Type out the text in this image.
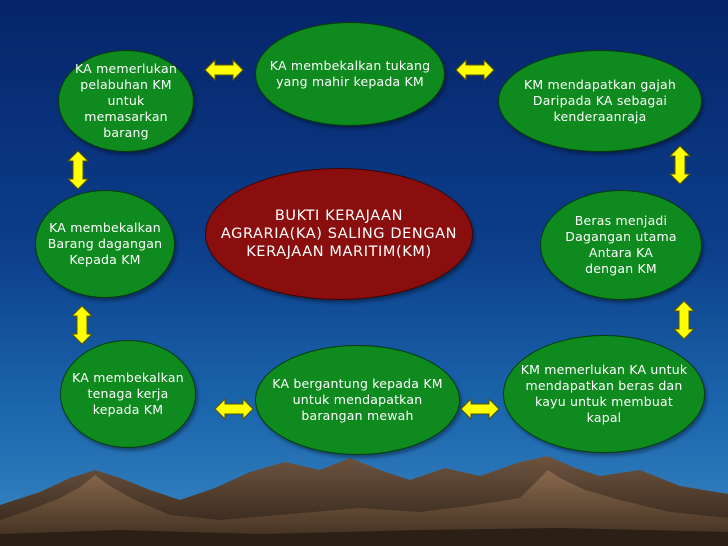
KA membekalkan tukang
yang mahir kepada KM
KA memerlukan
pelabuhan KM untuk
memasarkan barang
KM mendapatkan gajah
Daripada KA sebagai
kenderaanraja
KA membekalkan
Barang dagangan
Kepada KM
BUKTI KERAJAAN
AGRARIA(KA) SALING DENGAN
KERAJAAN MARITIM(KM)
Beras menjadi
Dagangan utama
Antara KA
dengan KM
KA membekalkan
tenaga kerja
kepada KM
KA bergantung kepada KM
untuk mendapatkan
barangan mewah
KM memerlukan KA untuk
mendapatkan beras dan
kayu untuk membuat
kapal
